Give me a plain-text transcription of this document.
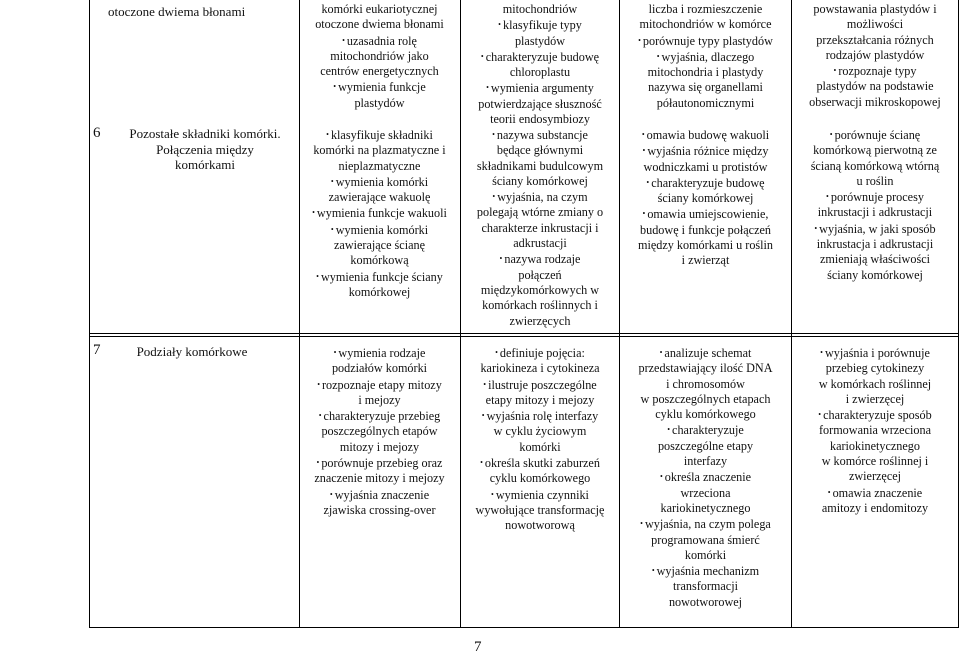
otoczone dwiema błonami
6	Pozostałe składniki komórki.
Połączenia między
komórkami
komórki eukariotycznej
otoczone dwiema błonami
• uzasadnia rolę
mitochondriów jako
centrów energetycznych
• wymienia funkcje
plastydów
• klasyfikuje składniki
komórki na plazmatyczne i
nieplazmatyczne
• wymienia komórki
zawierające wakuolę
• wymienia funkcje wakuoli
• wymienia komórki
zawierające ścianę
komórkową
• wymienia funkcje ściany
komórkowej
mitochondriów
• klasyfikuje typy
plastydów
• charakteryzuje budowę
chloroplastu
• wymienia argumenty
potwierdzające słuszność
teorii endosymbiozy
• nazywa substancje
będące głównymi
składnikami budulcowym
ściany komórkowej
• wyjaśnia, na czym
polegają wtórne zmiany o
charakterze inkrustacji i
adkrustacji
• nazywa rodzaje
połączeń
międzykomórkowych w
komórkach roślinnych i
zwierzęcych
liczba i rozmieszczenie
mitochondriów w komórce
• porównuje typy plastydów
• wyjaśnia, dlaczego
mitochondria i plastydy
nazywa się organellami
półautonomicznymi
• omawia budowę wakuoli
• wyjaśnia różnice między
wodniczkami u protistów
• charakteryzuje budowę
ściany komórkowej
• omawia umiejscowienie,
budowę i funkcje połączeń
między komórkami u roślin
i zwierząt
powstawania plastydów i
możliwości
przekształcania różnych
rodzajów plastydów
• rozpoznaje typy
plastydów na podstawie
obserwacji mikroskopowej
• porównuje ścianę
komórkową pierwotną ze
ścianą komórkową wtórną
u roślin
• porównuje procesy
inkrustacji i adkrustacji
• wyjaśnia, w jaki sposób
inkrustacja i adkrustacji
zmieniają właściwości
ściany komórkowej
7	Podziały komórkowe
•	wymienia rodzaje
podziałów komórki
• rozpoznaje etapy mitozy
i mejozy
• charakteryzuje przebieg
poszczególnych etapów
mitozy i mejozy
• porównuje przebieg oraz
znaczenie mitozy i mejozy
• wyjaśnia znaczenie
zjawiska crossing-over
• definiuje pojęcia:
kariokineza i cytokineza
• ilustruje poszczególne
etapy mitozy i mejozy
• wyjaśnia rolę interfazy
w cyklu życiowym
komórki
• określa skutki zaburzeń
cyklu komórkowego
• wymienia czynniki
wywołujące transformację
nowotworową
• analizuje schemat
przedstawiający ilość DNA
i chromosomów
w poszczególnych etapach
cyklu komórkowego
• charakteryzuje
poszczególne etapy
interfazy
• określa znaczenie
wrzeciona
kariokinetycznego
• wyjaśnia, na czym polega
programowana śmierć
komórki
• wyjaśnia mechanizm
transformacji
nowotworowej
• wyjaśnia i porównuje
przebieg cytokinezy
w komórkach roślinnej
i zwierzęcej
• charakteryzuje sposób
formowania wrzeciona
kariokinetycznego
w komórce roślinnej i
zwierzęcej
• omawia znaczenie
amitozy i endomitozy
7
